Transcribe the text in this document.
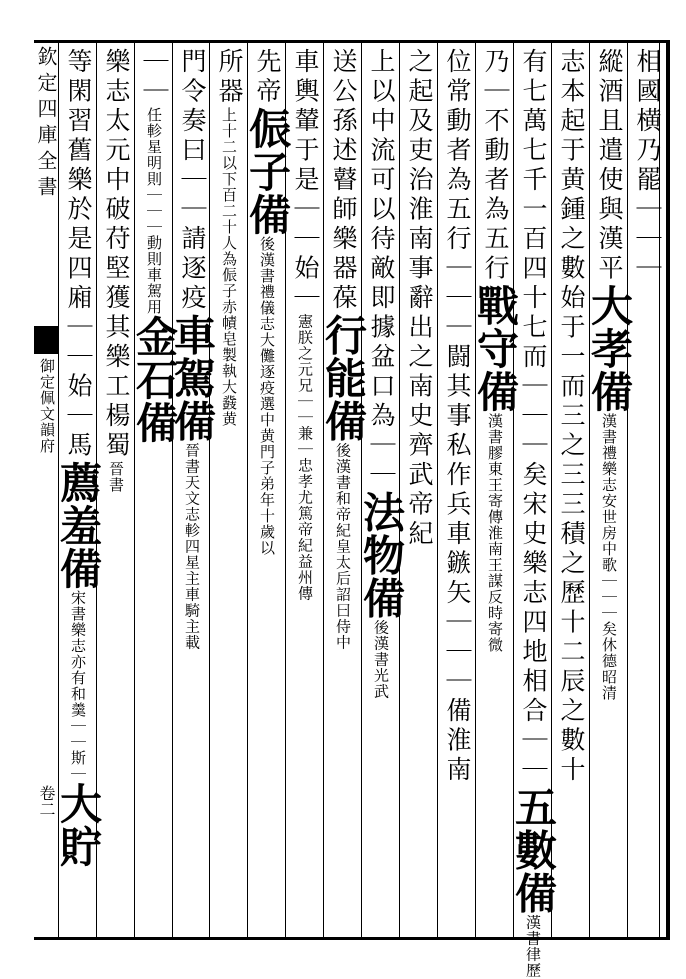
欽定四庫全書
御定佩文韻府
卷二
相國横乃罷｜｜｜
縱酒且遣使與漢平大孝備漢書禮樂志安世房中歌｜｜｜矣休德昭清
志本起于黄鍾之數始于一而三之三三積之歷十二辰之數十
有七萬七千一百四十七而｜｜｜矣宋史樂志四地相合｜｜五數備漢書律歷
乃｜不動者為五行戰守備漢書膠東王寄傳淮南王謀反時寄微
位常動者為五行｜｜｜闘其事私作兵車鏃矢｜｜｜備淮南
之起及吏治淮南事辭出之南史齊武帝紀
上以中流可以待敵即據盆口為｜｜法物備後漢書光武
送公孫述瞽師樂器葆行能備後漢書和帝紀皇太后詔曰侍中
車輿輦于是｜｜始｜憲朕之元兄｜｜兼｜忠孝尤篤帝紀益州傳
先帝侲子備後漢書禮儀志大儺逐疫選中黄門子弟年十歲以
所器上十二以下百二十人為侲子赤幘皂製執大鼗黄
門令奏曰｜｜請逐疫車駕備晉書天文志軫四星主車騎主載
｜｜任軫星明則｜｜｜動則車駕用金石備
樂志太元中破苻堅獲其樂工楊蜀晉書
等閑習舊樂於是四廂｜｜始｜馬薦羞備宋書樂志亦有和羹｜｜斯｜大貯
